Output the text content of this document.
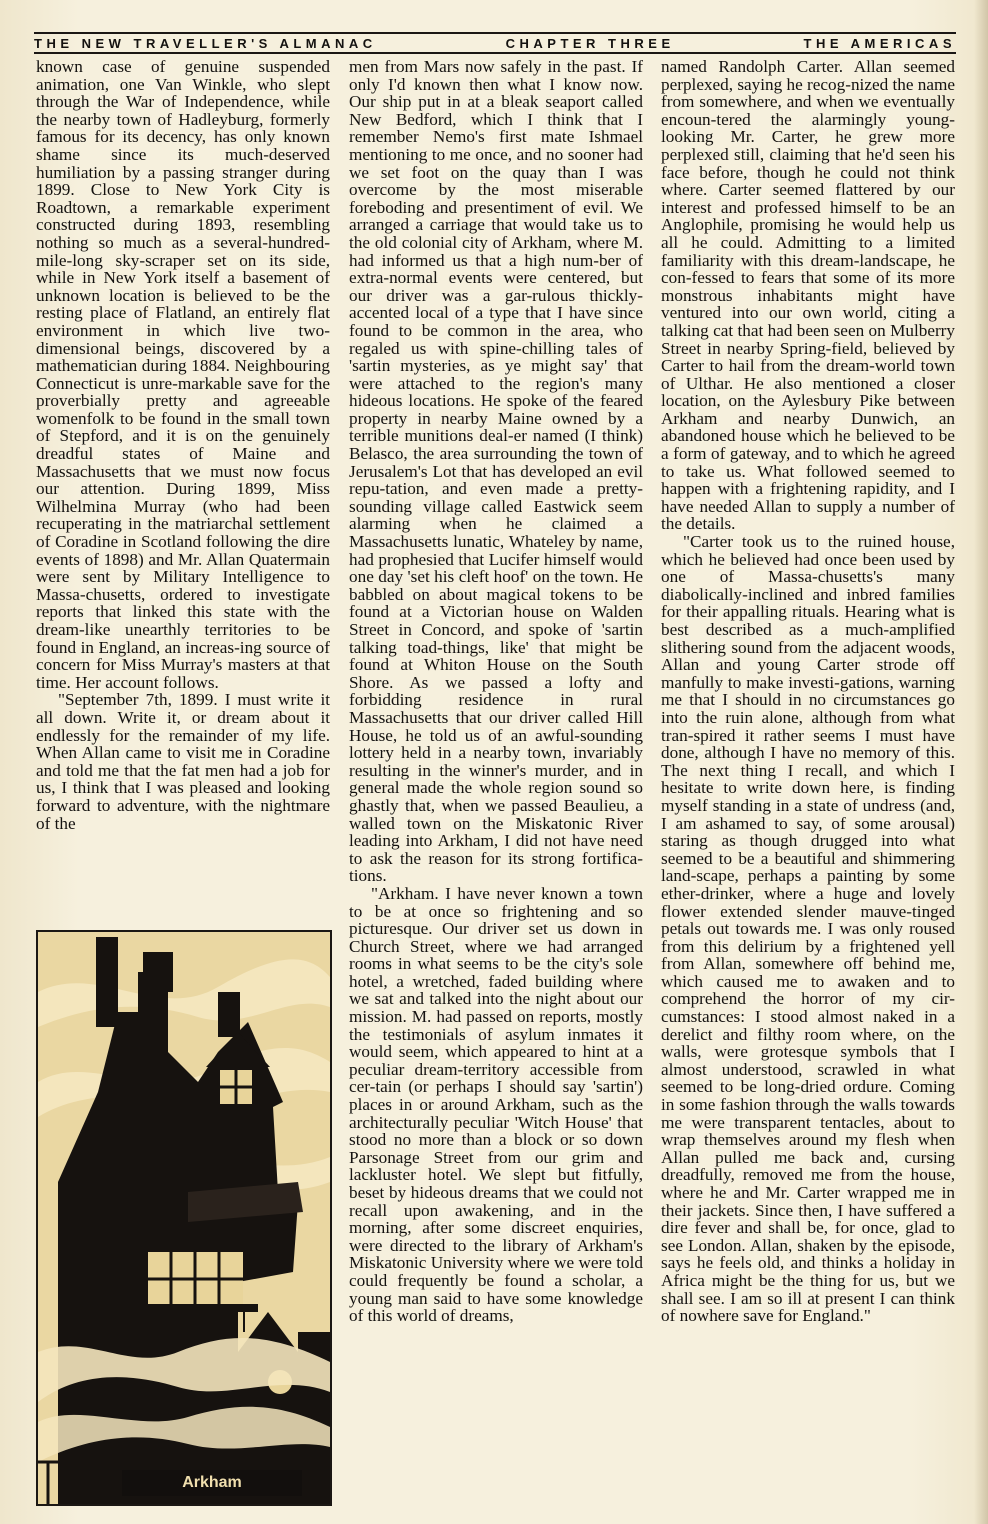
THE NEW TRAVELLER'S ALMANAC	CHAPTER THREE	THE AMERICAS

known case of genuine suspended animation, one Van Winkle, who slept through the War of Independence, while the nearby town of Hadleyburg, formerly famous for its decency, has only known shame since its much-deserved humiliation by a passing stranger during 1899. Close to New York City is Roadtown, a remarkable experiment constructed during 1893, resembling nothing so much as a several-hundred-mile-long sky-scraper set on its side, while in New York itself a basement of unknown location is believed to be the resting place of Flatland, an entirely flat environment in which live two-dimensional beings, discovered by a mathematician during 1884. Neighbouring Connecticut is unre-markable save for the proverbially pretty and agreeable womenfolk to be found in the small town of Stepford, and it is on the genuinely dreadful states of Maine and Massachusetts that we must now focus our attention. During 1899, Miss Wilhelmina Murray (who had been recuperating in the matriarchal settlement of Coradine in Scotland following the dire events of 1898) and Mr. Allan Quatermain were sent by Military Intelligence to Massa-chusetts, ordered to investigate reports that linked this state with the dream-like unearthly territories to be found in England, an increas-ing source of concern for Miss Murray's masters at that time. Her account follows.

"September 7th, 1899. I must write it all down. Write it, or dream about it endlessly for the remainder of my life. When Allan came to visit me in Coradine and told me that the fat men had a job for us, I think that I was pleased and looking forward to adventure, with the nightmare of the

Arkham

men from Mars now safely in the past. If only I'd known then what I know now. Our ship put in at a bleak seaport called New Bedford, which I think that I remember Nemo's first mate Ishmael mentioning to me once, and no sooner had we set foot on the quay than I was overcome by the most miserable foreboding and presentiment of evil. We arranged a carriage that would take us to the old colonial city of Arkham, where M. had informed us that a high num-ber of extra-normal events were centered, but our driver was a gar-rulous thickly-accented local of a type that I have since found to be common in the area, who regaled us with spine-chilling tales of 'sartin mysteries, as ye might say' that were attached to the region's many hideous locations. He spoke of the feared property in nearby Maine owned by a terrible munitions deal-er named (I think) Belasco, the area surrounding the town of Jerusalem's Lot that has developed an evil repu-tation, and even made a pretty-sounding village called Eastwick seem alarming when he claimed a Massachusetts lunatic, Whateley by name, had prophesied that Lucifer himself would one day 'set his cleft hoof' on the town. He babbled on about magical tokens to be found at a Victorian house on Walden Street in Concord, and spoke of 'sartin talking toad-things, like' that might be found at Whiton House on the South Shore. As we passed a lofty and forbidding residence in rural Massachusetts that our driver called Hill House, he told us of an awful-sounding lottery held in a nearby town, invariably resulting in the winner's murder, and in general made the whole region sound so ghastly that, when we passed Beaulieu, a walled town on the Miskatonic River leading into Arkham, I did not have need to ask the reason for its strong fortifica-tions.

"Arkham. I have never known a town to be at once so frightening and so picturesque. Our driver set us down in Church Street, where we had arranged rooms in what seems to be the city's sole hotel, a wretched, faded building where we sat and talked into the night about our mission. M. had passed on reports, mostly the testimonials of asylum inmates it would seem, which appeared to hint at a peculiar dream-territory accessible from cer-tain (or perhaps I should say 'sartin') places in or around Arkham, such as the architecturally peculiar 'Witch House' that stood no more than a block or so down Parsonage Street from our grim and lackluster hotel. We slept but fitfully, beset by hideous dreams that we could not recall upon awakening, and in the morning, after some discreet enquiries, were directed to the library of Arkham's Miskatonic University where we were told could frequently be found a scholar, a young man said to have some knowledge of this world of dreams,

named Randolph Carter. Allan seemed perplexed, saying he recog-nized the name from somewhere, and when we eventually encoun-tered the alarmingly young-looking Mr. Carter, he grew more perplexed still, claiming that he'd seen his face before, though he could not think where. Carter seemed flattered by our interest and professed himself to be an Anglophile, promising he would help us all he could. Admitting to a limited familiarity with this dream-landscape, he con-fessed to fears that some of its more monstrous inhabitants might have ventured into our own world, citing a talking cat that had been seen on Mulberry Street in nearby Spring-field, believed by Carter to hail from the dream-world town of Ulthar. He also mentioned a closer location, on the Aylesbury Pike between Arkham and nearby Dunwich, an abandoned house which he believed to be a form of gateway, and to which he agreed to take us. What followed seemed to happen with a frightening rapidity, and I have needed Allan to supply a number of the details.

"Carter took us to the ruined house, which he believed had once been used by one of Massa-chusetts's many diabolically-inclined and inbred families for their appalling rituals. Hearing what is best described as a much-amplified slithering sound from the adjacent woods, Allan and young Carter strode off manfully to make investi-gations, warning me that I should in no circumstances go into the ruin alone, although from what tran-spired it rather seems I must have done, although I have no memory of this. The next thing I recall, and which I hesitate to write down here, is finding myself standing in a state of undress (and, I am ashamed to say, of some arousal) staring as though drugged into what seemed to be a beautiful and shimmering land-scape, perhaps a painting by some ether-drinker, where a huge and lovely flower extended slender mauve-tinged petals out towards me. I was only roused from this delirium by a frightened yell from Allan, somewhere off behind me, which caused me to awaken and to comprehend the horror of my cir-cumstances: I stood almost naked in a derelict and filthy room where, on the walls, were grotesque symbols that I almost understood, scrawled in what seemed to be long-dried ordure. Coming in some fashion through the walls towards me were transparent tentacles, about to wrap themselves around my flesh when Allan pulled me back and, cursing dreadfully, removed me from the house, where he and Mr. Carter wrapped me in their jackets. Since then, I have suffered a dire fever and shall be, for once, glad to see London. Allan, shaken by the episode, says he feels old, and thinks a holiday in Africa might be the thing for us, but we shall see. I am so ill at present I can think of nowhere save for England."
